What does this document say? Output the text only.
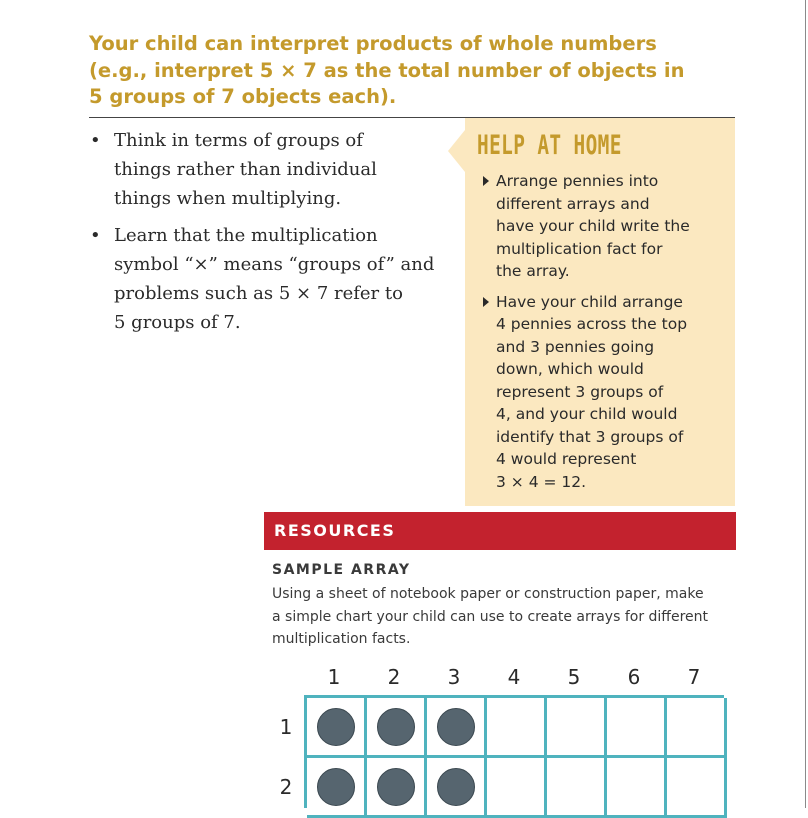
Your child can interpret products of whole numbers
(e.g., interpret 5 × 7 as the total number of objects in
5 groups of 7 objects each).
• Think in terms of groups of
things rather than individual
things when multiplying.
• Learn that the multiplication
symbol “×” means “groups of” and
problems such as 5 × 7 refer to
5 groups of 7.
HELP AT HOME
Arrange pennies into
different arrays and
have your child write the
multiplication fact for
the array.
Have your child arrange
4 pennies across the top
and 3 pennies going
down, which would
represent 3 groups of
4, and your child would
identify that 3 groups of
4 would represent
3 × 4 = 12.
RESOURCES
SAMPLE ARRAY

Using a sheet of notebook paper or construction paper, make
a simple chart your child can use to create arrays for different
multiplication facts.

1	2	3	4	5	6	7
1
2
